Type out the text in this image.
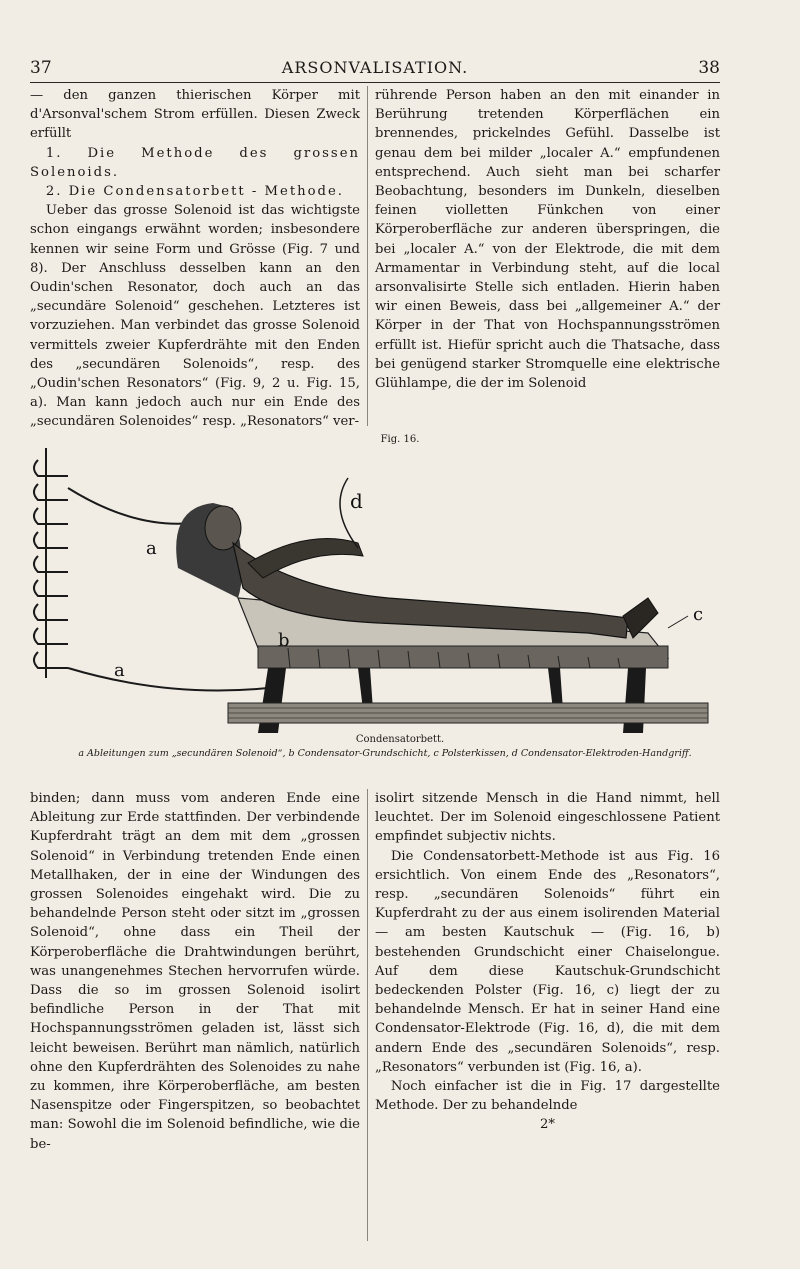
37	ARSONVALISATION.	38

— den ganzen thierischen Körper mit d'Arsonval'schem Strom erfüllen. Diesen Zweck erfüllt

1. Die Methode des grossen Solenoids.

2. Die Condensatorbett - Methode.

Ueber das grosse Solenoid ist das wichtigste schon eingangs erwähnt worden; insbesondere kennen wir seine Form und Grösse (Fig. 7 und 8). Der Anschluss desselben kann an den Oudin'schen Resonator, doch auch an das „secundäre Solenoid“ geschehen. Letzteres ist vorzuziehen. Man verbindet das grosse Solenoid vermittels zweier Kupferdrähte mit den Enden des „secundären Solenoids“, resp. des „Oudin'schen Resonators“ (Fig. 9, 2 u. Fig. 15, a). Man kann jedoch auch nur ein Ende des „secundären Solenoides“ resp. „Resonators“ ver-

rührende Person haben an den mit einander in Berührung tretenden Körperflächen ein brennendes, prickelndes Gefühl. Dasselbe ist genau dem bei milder „localer A.“ empfundenen entsprechend. Auch sieht man bei scharfer Beobachtung, besonders im Dunkeln, dieselben feinen violletten Fünkchen von einer Körperoberfläche zur anderen überspringen, die bei „localer A.“ von der Elektrode, die mit dem Armamentar in Verbindung steht, auf die local arsonvalisirte Stelle sich entladen. Hierin haben wir einen Beweis, dass bei „allgemeiner A.“ der Körper in der That von Hochspannungsströmen erfüllt ist. Hiefür spricht auch die Thatsache, dass bei genügend starker Stromquelle eine elektrische Glühlampe, die der im Solenoid

Fig. 16.
a
a
d
b
c
Condensatorbett.
a Ableitungen zum „secundären Solenoid“, b Condensator-Grundschicht, c Polsterkissen, d Condensator-Elektroden-Handgriff.

binden; dann muss vom anderen Ende eine Ableitung zur Erde stattfinden. Der verbindende Kupferdraht trägt an dem mit dem „grossen Solenoid“ in Verbindung tretenden Ende einen Metallhaken, der in eine der Windungen des grossen Solenoides eingehakt wird. Die zu behandelnde Person steht oder sitzt im „grossen Solenoid“, ohne dass ein Theil der Körperoberfläche die Drahtwindungen berührt, was unangenehmes Stechen hervorrufen würde. Dass die so im grossen Solenoid isolirt befindliche Person in der That mit Hochspannungsströmen geladen ist, lässt sich leicht beweisen. Berührt man nämlich, natürlich ohne den Kupferdrähten des Solenoides zu nahe zu kommen, ihre Körperoberfläche, am besten Nasenspitze oder Fingerspitzen, so beobachtet man: Sowohl die im Solenoid befindliche, wie die be-

isolirt sitzende Mensch in die Hand nimmt, hell leuchtet. Der im Solenoid eingeschlossene Patient empfindet subjectiv nichts.

Die Condensatorbett-Methode ist aus Fig. 16 ersichtlich. Von einem Ende des „Resonators“, resp. „secundären Solenoids“ führt ein Kupferdraht zu der aus einem isolirenden Material — am besten Kautschuk — (Fig. 16, b) bestehenden Grundschicht einer Chaiselongue. Auf dem diese Kautschuk-Grundschicht bedeckenden Polster (Fig. 16, c) liegt der zu behandelnde Mensch. Er hat in seiner Hand eine Condensator-Elektrode (Fig. 16, d), die mit dem andern Ende des „secundären Solenoids“, resp. „Resonators“ verbunden ist (Fig. 16, a).

Noch einfacher ist die in Fig. 17 dargestellte Methode. Der zu behandelnde

2*
